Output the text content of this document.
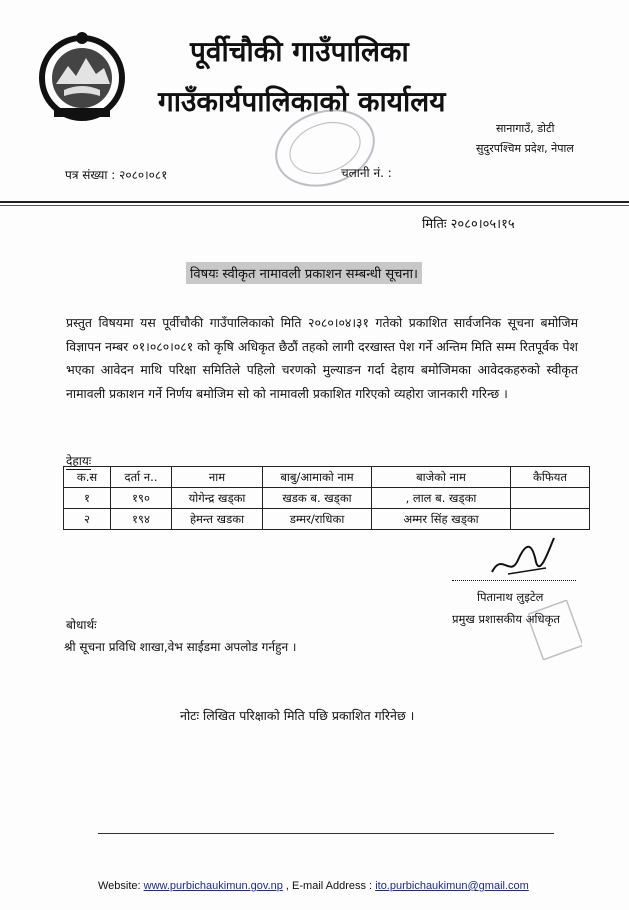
पूर्वीचौकी गाउँपालिका
गाउँकार्यपालिकाको कार्यालय
सानागाउँ, डोटी
सुदुरपश्चिम प्रदेश, नेपाल
पत्र संख्या : २०८०।०८१	चलानी नं. :
मितिः २०८०।०५।१५
विषयः स्वीकृत नामावली प्रकाशन सम्बन्धी सूचना।
प्रस्तुत विषयमा यस पूर्वीचौकी गाउँपालिकाको मिति २०८०।०४।३१ गतेको प्रकाशित सार्वजनिक सूचना बमोजिम विज्ञापन नम्बर ०१।०८०।०८१ को कृषि अधिकृत छैठौं तहको लागी दरखास्त पेश गर्ने अन्तिम मिति सम्म रितपूर्वक पेश भएका आवेदन माथि परिक्षा समितिले पहिलो चरणको मुल्याङन गर्दा देहाय बमोजिमका आवेदकहरुको स्वीकृत नामावली प्रकाशन गर्ने निर्णय बमोजिम सो को नामावली प्रकाशित गरिएको व्यहोरा जानकारी गरिन्छ ।
देहायः
क.स	दर्ता न..	नाम	बाबु/आमाको नाम	बाजेको नाम	कैफियत
१	१९०	योगेन्द्र खड्का	खडक ब. खड्का	, लाल ब. खड्का	
२	१९४	हेमन्त खडका	डम्मर/राधिका	अम्मर सिंह खड्का	
पितानाथ लुइटेल
प्रमुख प्रशासकीय अधिकृत
बोधार्थः
श्री सूचना प्रविधि शाखा,वेभ साईडमा अपलोड गर्नहुन ।
नोटः लिखित परिक्षाको मिति पछि प्रकाशित गरिनेछ ।
Website: www.purbichaukimun.gov.np , E-mail Address : ito.purbichaukimun@gmail.com
